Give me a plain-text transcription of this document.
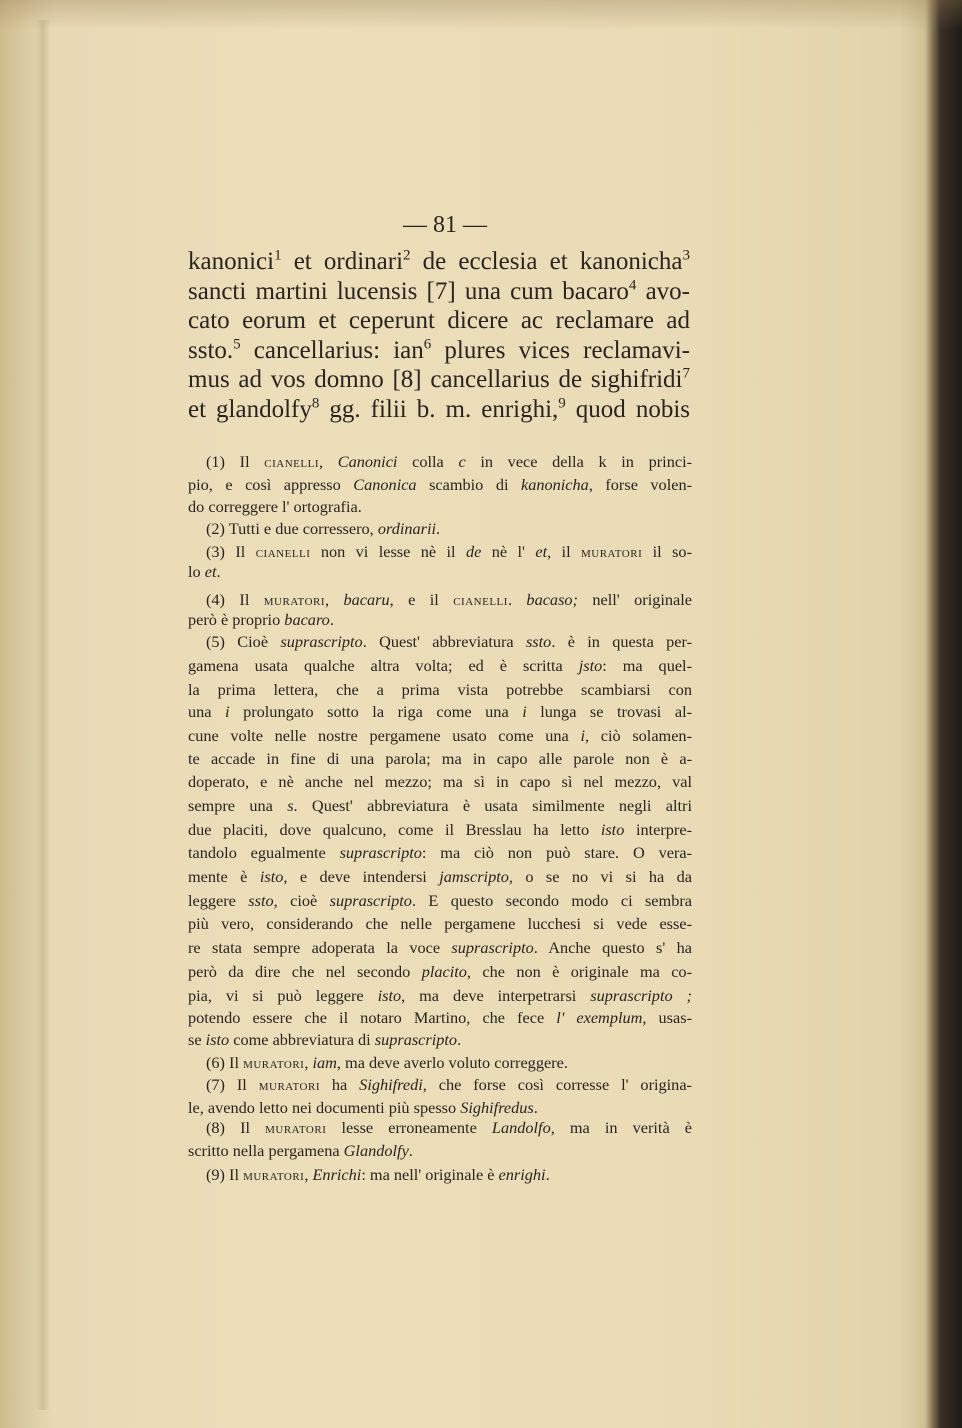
— 81 —
kanonici$^1$ et ordinari$^2$ de ecclesia et kanonicha$^3$
sancti martini lucensis [7] una cum bacaro$^4$ avo-
cato eorum et ceperunt dicere ac reclamare ad
ssto.$^5$ cancellarius: ian$^6$ plures vices reclamavi-
mus ad vos domno [8] cancellarius de sighifridi$^7$
et glandolfy$^8$ gg. filii b. m. enrighi,$^9$ quod nobis
(1) Il cianelli, Canonici colla c in vece della k in princi-
pio, e così appresso Canonica scambio di kanonicha, forse volen-
do correggere l' ortografia.
(2) Tutti e due corressero, ordinarii.
(3) Il cianelli non vi lesse nè il de nè l' et, il muratori il so-
lo et.
(4) Il muratori, bacaru, e il cianelli. bacaso; nell' originale
però è proprio bacaro.
(5) Cioè suprascripto. Quest' abbreviatura ssto. è in questa per-
gamena usata qualche altra volta; ed è scritta jsto: ma quel-
la prima lettera, che a prima vista potrebbe scambiarsi con
una i prolungato sotto la riga come una i lunga se trovasi al-
cune volte nelle nostre pergamene usato come una i, ciò solamen-
te accade in fine di una parola; ma in capo alle parole non è a-
doperato, e nè anche nel mezzo; ma sì in capo sì nel mezzo, val
sempre una s. Quest' abbreviatura è usata similmente negli altri
due placiti, dove qualcuno, come il Bresslau ha letto isto interpre-
tandolo egualmente suprascripto: ma ciò non può stare. O vera-
mente è isto, e deve intendersi jamscripto, o se no vi si ha da
leggere ssto, cioè suprascripto. E questo secondo modo ci sembra
più vero, considerando che nelle pergamene lucchesi si vede esse-
re stata sempre adoperata la voce suprascripto. Anche questo s' ha
però da dire che nel secondo placito, che non è originale ma co-
pia, vi si può leggere isto, ma deve interpetrarsi suprascripto ;
potendo essere che il notaro Martino, che fece l' exemplum, usas-
se isto come abbreviatura di suprascripto.
(6) Il muratori, iam, ma deve averlo voluto correggere.
(7) Il muratori ha Sighifredi, che forse così corresse l' origina-
le, avendo letto nei documenti più spesso Sighifredus.
(8) Il muratori lesse erroneamente Landolfo, ma in verità è
scritto nella pergamena Glandolfy.
(9) Il muratori, Enrichi: ma nell' originale è enrighi.
